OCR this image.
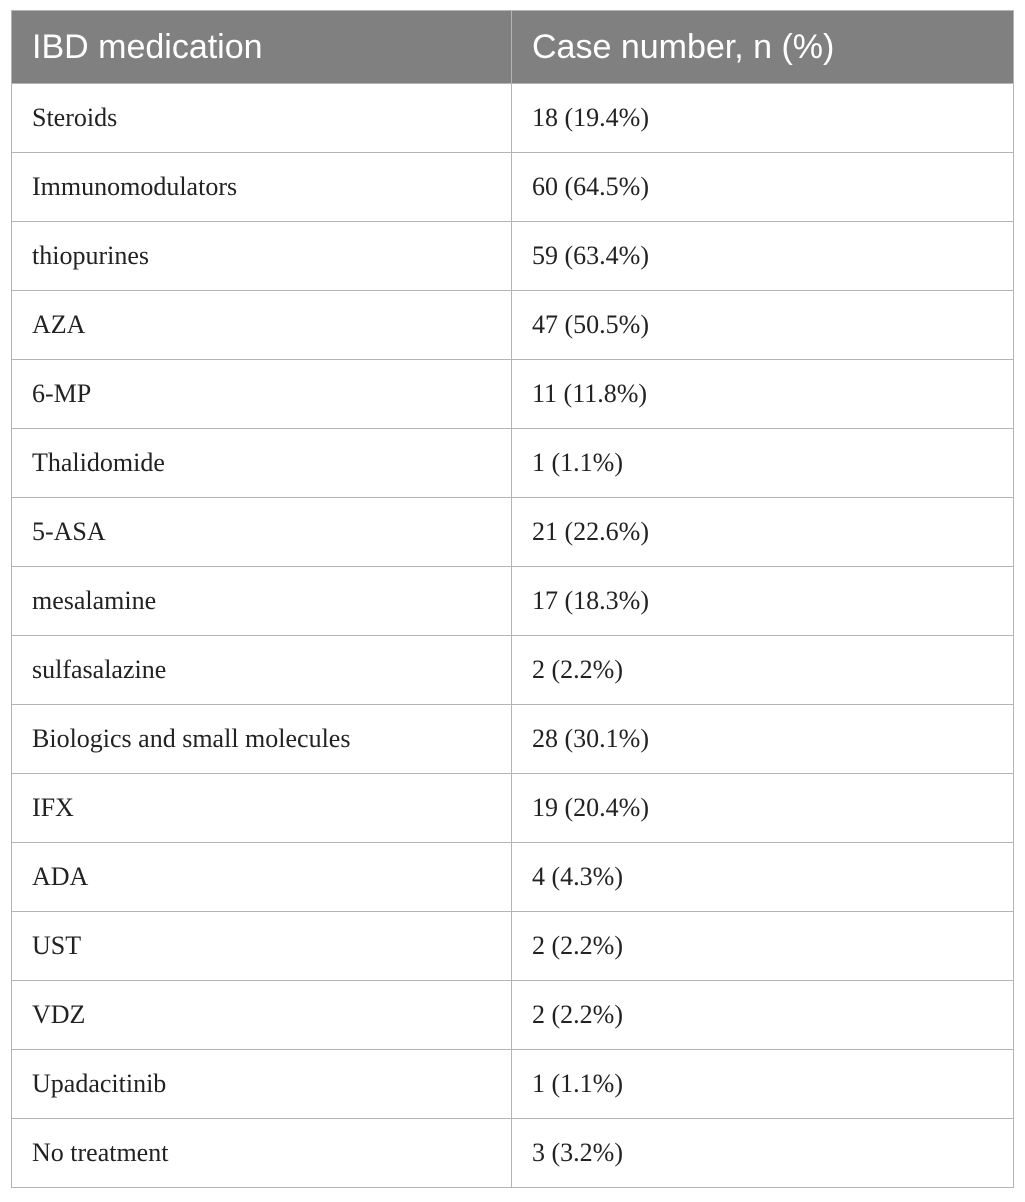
IBD medication	Case number, n (%)
Steroids	18 (19.4%)
Immunomodulators	60 (64.5%)
thiopurines	59 (63.4%)
AZA	47 (50.5%)
6-MP	11 (11.8%)
Thalidomide	1 (1.1%)
5-ASA	21 (22.6%)
mesalamine	17 (18.3%)
sulfasalazine	2 (2.2%)
Biologics and small molecules	28 (30.1%)
IFX	19 (20.4%)
ADA	4 (4.3%)
UST	2 (2.2%)
VDZ	2 (2.2%)
Upadacitinib	1 (1.1%)
No treatment	3 (3.2%)
